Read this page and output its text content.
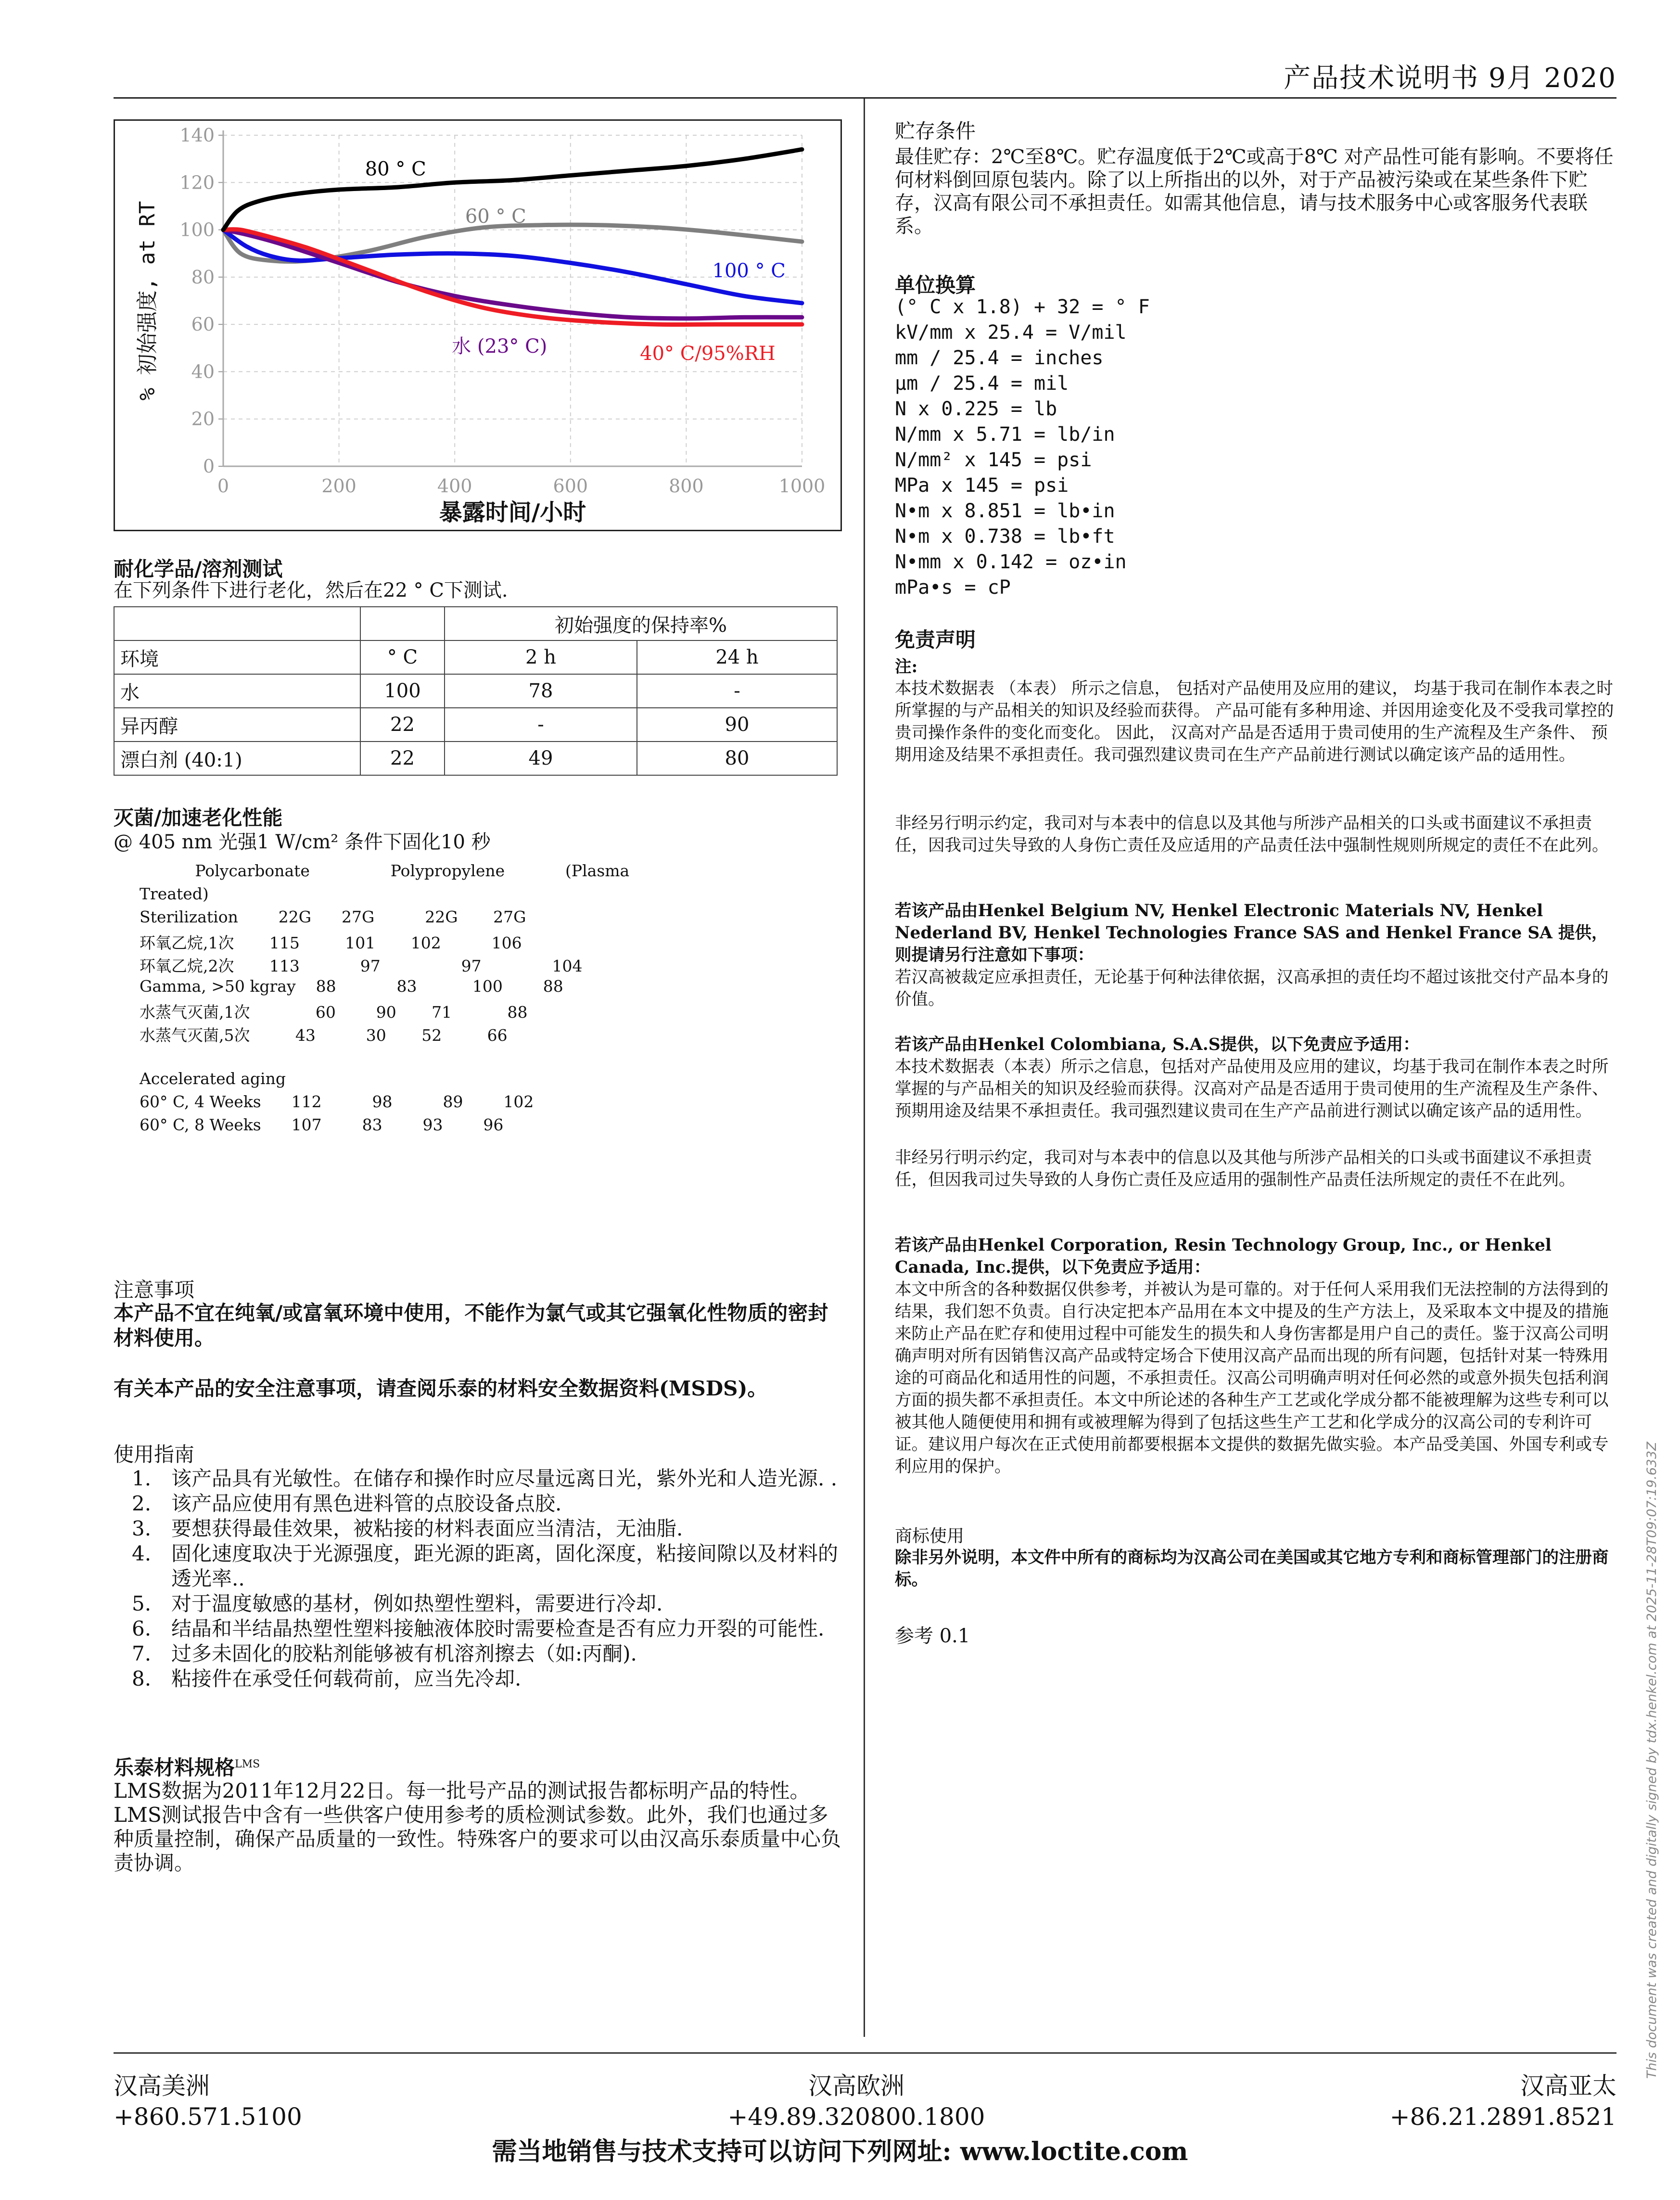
产品技术说明书 9月 2020
0
20
40
60
80
100
120
140
0	200	400	600	800	1000
暴露时间/小时
% 初始强度, at RT
80 ° C
60 ° C
100 ° C
水 (23° C)	40° C/95%RH
耐化学品/溶剂测试
在下列条件下进行老化，然后在22 ° C下测试.
		初始强度的保持率%	
环境	° C	2 h	24 h
水	100	78	-
异丙醇	22	-	90
漂白剂 (40:1)	22	49	80
灭菌/加速老化性能
@ 405 nm 光强1 W/cm² 条件下固化10 秒
Polycarbonate                Polypropylene            (Plasma
Treated)
Sterilization        22G      27G          22G       27G
环氧乙烷,1次       115         101       102          106
环氧乙烷,2次       113            97                97              104
Gamma, >50 kgray    88            83           100        88
水蒸气灭菌,1次             60        90       71           88
水蒸气灭菌,5次         43          30       52         66
Accelerated aging
60° C, 4 Weeks      112          98          89        102
60° C, 8 Weeks      107        83        93        96
注意事项
本产品不宜在纯氧/或富氧环境中使用，不能作为氯气或其它强氧化性物质的密封材料使用。
有关本产品的安全注意事项，请查阅乐泰的材料安全数据资料(MSDS)。
使用指南
1. 该产品具有光敏性。在储存和操作时应尽量远离日光，紫外光和人造光源. .
2. 该产品应使用有黑色进料管的点胶设备点胶.
3. 要想获得最佳效果，被粘接的材料表面应当清洁，无油脂.
4. 固化速度取决于光源强度，距光源的距离，固化深度，粘接间隙以及材料的透光率..
5. 对于温度敏感的基材，例如热塑性塑料，需要进行冷却.
6. 结晶和半结晶热塑性塑料接触液体胶时需要检查是否有应力开裂的可能性.
7. 过多未固化的胶粘剂能够被有机溶剂擦去（如:丙酮).
8. 粘接件在承受任何载荷前，应当先冷却.
乐泰材料规格$^{LMS}$
LMS数据为2011年12月22日。每一批号产品的测试报告都标明产品的特性。LMS测试报告中含有一些供客户使用参考的质检测试参数。此外，我们也通过多种质量控制，确保产品质量的一致性。特殊客户的要求可以由汉高乐泰质量中心负责协调。
贮存条件
最佳贮存：2℃至8℃。贮存温度低于2℃或高于8℃ 对产品性可能有影响。不要将任何材料倒回原包装内。除了以上所指出的以外，对于产品被污染或在某些条件下贮存，汉高有限公司不承担责任。如需其他信息，请与技术服务中心或客服务代表联系。
单位换算
(° C x 1.8) + 32 = ° F
kV/mm x 25.4 = V/mil
mm / 25.4 = inches
µm / 25.4 = mil
N x 0.225 = lb
N/mm x 5.71 = lb/in
N/mm² x 145 = psi
MPa x 145 = psi
N•m x 8.851 = lb•in
N•m x 0.738 = lb•ft
N•mm x 0.142 = oz•in
mPa•s = cP
免责声明
注:
本技术数据表 （本表） 所示之信息， 包括对产品使用及应用的建议， 均基于我司在制作本表之时所掌握的与产品相关的知识及经验而获得。 产品可能有多种用途、并因用途变化及不受我司掌控的贵司操作条件的变化而变化。 因此， 汉高对产品是否适用于贵司使用的生产流程及生产条件、 预期用途及结果不承担责任。我司强烈建议贵司在生产产品前进行测试以确定该产品的适用性。
非经另行明示约定，我司对与本表中的信息以及其他与所涉产品相关的口头或书面建议不承担责任，因我司过失导致的人身伤亡责任及应适用的产品责任法中强制性规则所规定的责任不在此列。
若该产品由Henkel Belgium NV, Henkel Electronic Materials NV, Henkel Nederland BV, Henkel Technologies France SAS and Henkel France SA 提供，则提请另行注意如下事项：
若汉高被裁定应承担责任，无论基于何种法律依据，汉高承担的责任均不超过该批交付产品本身的价值。
若该产品由Henkel Colombiana, S.A.S提供，以下免责应予适用：
本技术数据表（本表）所示之信息，包括对产品使用及应用的建议，均基于我司在制作本表之时所掌握的与产品相关的知识及经验而获得。汉高对产品是否适用于贵司使用的生产流程及生产条件、预期用途及结果不承担责任。我司强烈建议贵司在生产产品前进行测试以确定该产品的适用性。
非经另行明示约定，我司对与本表中的信息以及其他与所涉产品相关的口头或书面建议不承担责任，但因我司过失导致的人身伤亡责任及应适用的强制性产品责任法所规定的责任不在此列。
若该产品由Henkel Corporation, Resin Technology Group, Inc., or Henkel Canada, Inc.提供，以下免责应予适用：
本文中所含的各种数据仅供参考，并被认为是可靠的。对于任何人采用我们无法控制的方法得到的结果，我们恕不负责。自行决定把本产品用在本文中提及的生产方法上，及采取本文中提及的措施来防止产品在贮存和使用过程中可能发生的损失和人身伤害都是用户自己的责任。鉴于汉高公司明确声明对所有因销售汉高产品或特定场合下使用汉高产品而出现的所有问题，包括针对某一特殊用途的可商品化和适用性的问题，不承担责任。汉高公司明确声明对任何必然的或意外损失包括利润方面的损失都不承担责任。本文中所论述的各种生产工艺或化学成分都不能被理解为这些专利可以被其他人随便使用和拥有或被理解为得到了包括这些生产工艺和化学成分的汉高公司的专利许可证。建议用户每次在正式使用前都要根据本文提供的数据先做实验。本产品受美国、外国专利或专利应用的保护。
商标使用
除非另外说明，本文件中所有的商标均为汉高公司在美国或其它地方专利和商标管理部门的注册商标。
参考 0.1
汉高美洲
+860.571.5100
汉高欧洲
+49.89.320800.1800
汉高亚太
+86.21.2891.8521
需当地销售与技术支持可以访问下列网址: www.loctite.com
This document was created and digitally signed by tdx.henkel.com at 2025-11-28T09:07:19.633Z
